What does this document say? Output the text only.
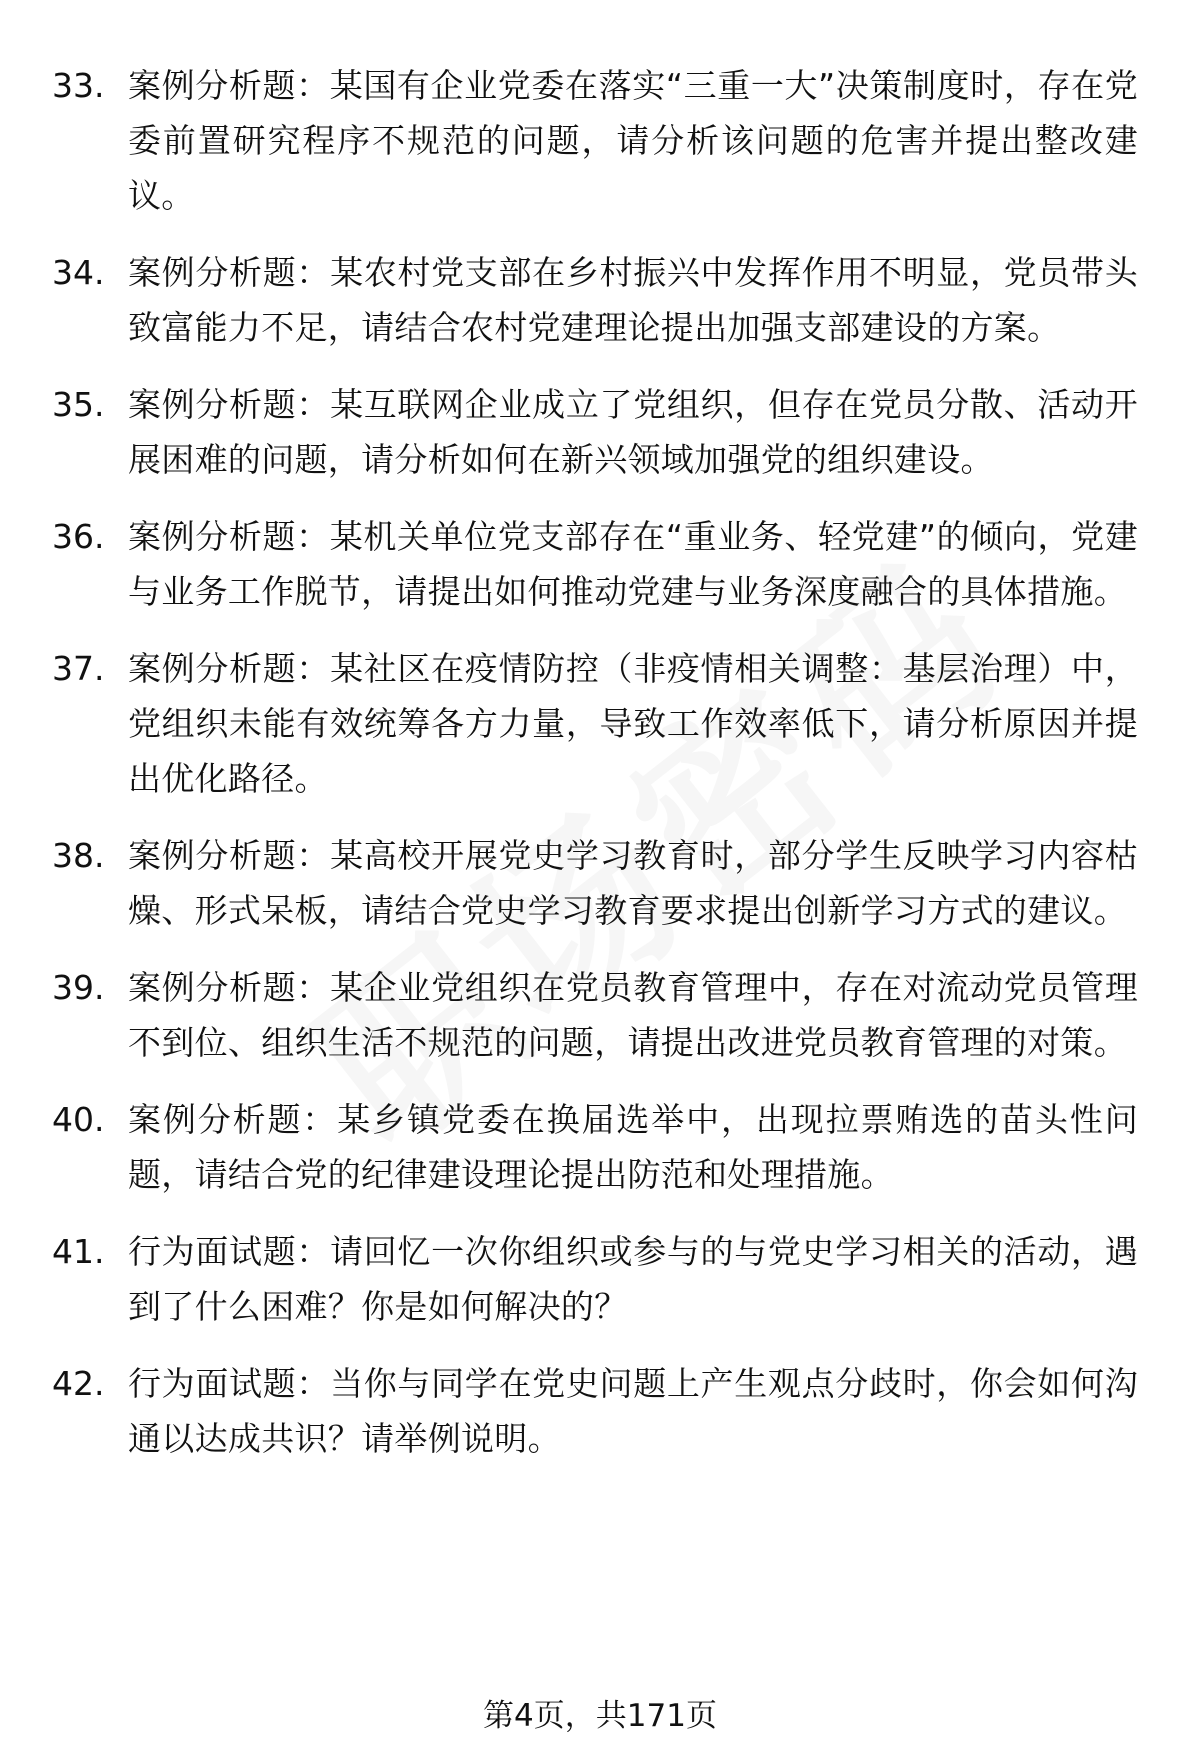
33. 案例分析题：某国有企业党委在落实“三重一大”决策制度时，存在党委前置研究程序不规范的问题，请分析该问题的危害并提出整改建议。
34. 案例分析题：某农村党支部在乡村振兴中发挥作用不明显，党员带头致富能力不足，请结合农村党建理论提出加强支部建设的方案。
35. 案例分析题：某互联网企业成立了党组织，但存在党员分散、活动开展困难的问题，请分析如何在新兴领域加强党的组织建设。
36. 案例分析题：某机关单位党支部存在“重业务、轻党建”的倾向，党建与业务工作脱节，请提出如何推动党建与业务深度融合的具体措施。
37. 案例分析题：某社区在疫情防控（非疫情相关调整：基层治理）中，党组织未能有效统筹各方力量，导致工作效率低下，请分析原因并提出优化路径。
38. 案例分析题：某高校开展党史学习教育时，部分学生反映学习内容枯燥、形式呆板，请结合党史学习教育要求提出创新学习方式的建议。
39. 案例分析题：某企业党组织在党员教育管理中，存在对流动党员管理不到位、组织生活不规范的问题，请提出改进党员教育管理的对策。
40. 案例分析题：某乡镇党委在换届选举中，出现拉票贿选的苗头性问题，请结合党的纪律建设理论提出防范和处理措施。
41. 行为面试题：请回忆一次你组织或参与的与党史学习相关的活动，遇到了什么困难？你是如何解决的？
42. 行为面试题：当你与同学在党史问题上产生观点分歧时，你会如何沟通以达成共识？请举例说明。
第4页，共171页
